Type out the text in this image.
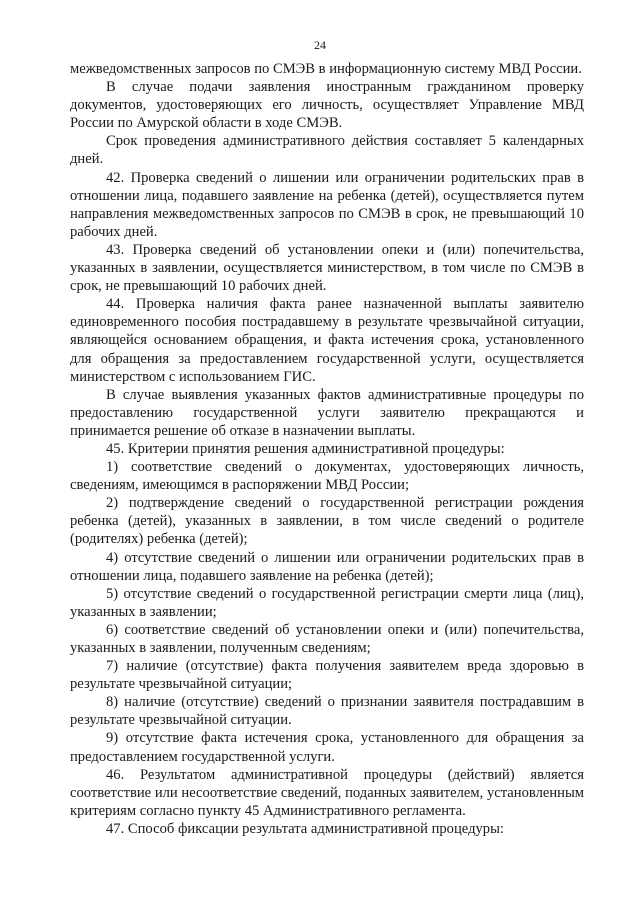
24

межведомственных запросов по СМЭВ в информационную систему МВД России.

В случае подачи заявления иностранным гражданином проверку документов, удостоверяющих его личность, осуществляет Управление МВД России по Амурской области в ходе СМЭВ.

Срок проведения административного действия составляет 5 календарных дней.

42. Проверка сведений о лишении или ограничении родительских прав в отношении лица, подавшего заявление на ребенка (детей), осуществляется путем направления межведомственных запросов по СМЭВ в срок, не превышающий 10 рабочих дней.

43. Проверка сведений об установлении опеки и (или) попечительства, указанных в заявлении, осуществляется министерством, в том числе по СМЭВ в срок, не превышающий 10 рабочих дней.

44. Проверка наличия факта ранее назначенной выплаты заявителю единовременного пособия пострадавшему в результате чрезвычайной ситуации, являющейся основанием обращения, и факта истечения срока, установленного для обращения за предоставлением государственной услуги, осуществляется министерством с использованием ГИС.

В случае выявления указанных фактов административные процедуры по предоставлению государственной услуги заявителю прекращаются и принимается решение об отказе в назначении выплаты.

45. Критерии принятия решения административной процедуры:

1) соответствие сведений о документах, удостоверяющих личность, сведениям, имеющимся в распоряжении МВД России;

2) подтверждение сведений о государственной регистрации рождения ребенка (детей), указанных в заявлении, в том числе сведений о родителе (родителях) ребенка (детей);

4) отсутствие сведений о лишении или ограничении родительских прав в отношении лица, подавшего заявление на ребенка (детей);

5) отсутствие сведений о государственной регистрации смерти лица (лиц), указанных в заявлении;

6) соответствие сведений об установлении опеки и (или) попечительства, указанных в заявлении, полученным сведениям;

7) наличие (отсутствие) факта получения заявителем вреда здоровью в результате чрезвычайной ситуации;

8) наличие (отсутствие) сведений о признании заявителя пострадавшим в результате чрезвычайной ситуации.

9) отсутствие факта истечения срока, установленного для обращения за предоставлением государственной услуги.

46. Результатом административной процедуры (действий) является соответствие или несоответствие сведений, поданных заявителем, установленным критериям согласно пункту 45 Административного регламента.

47. Способ фиксации результата административной процедуры:
